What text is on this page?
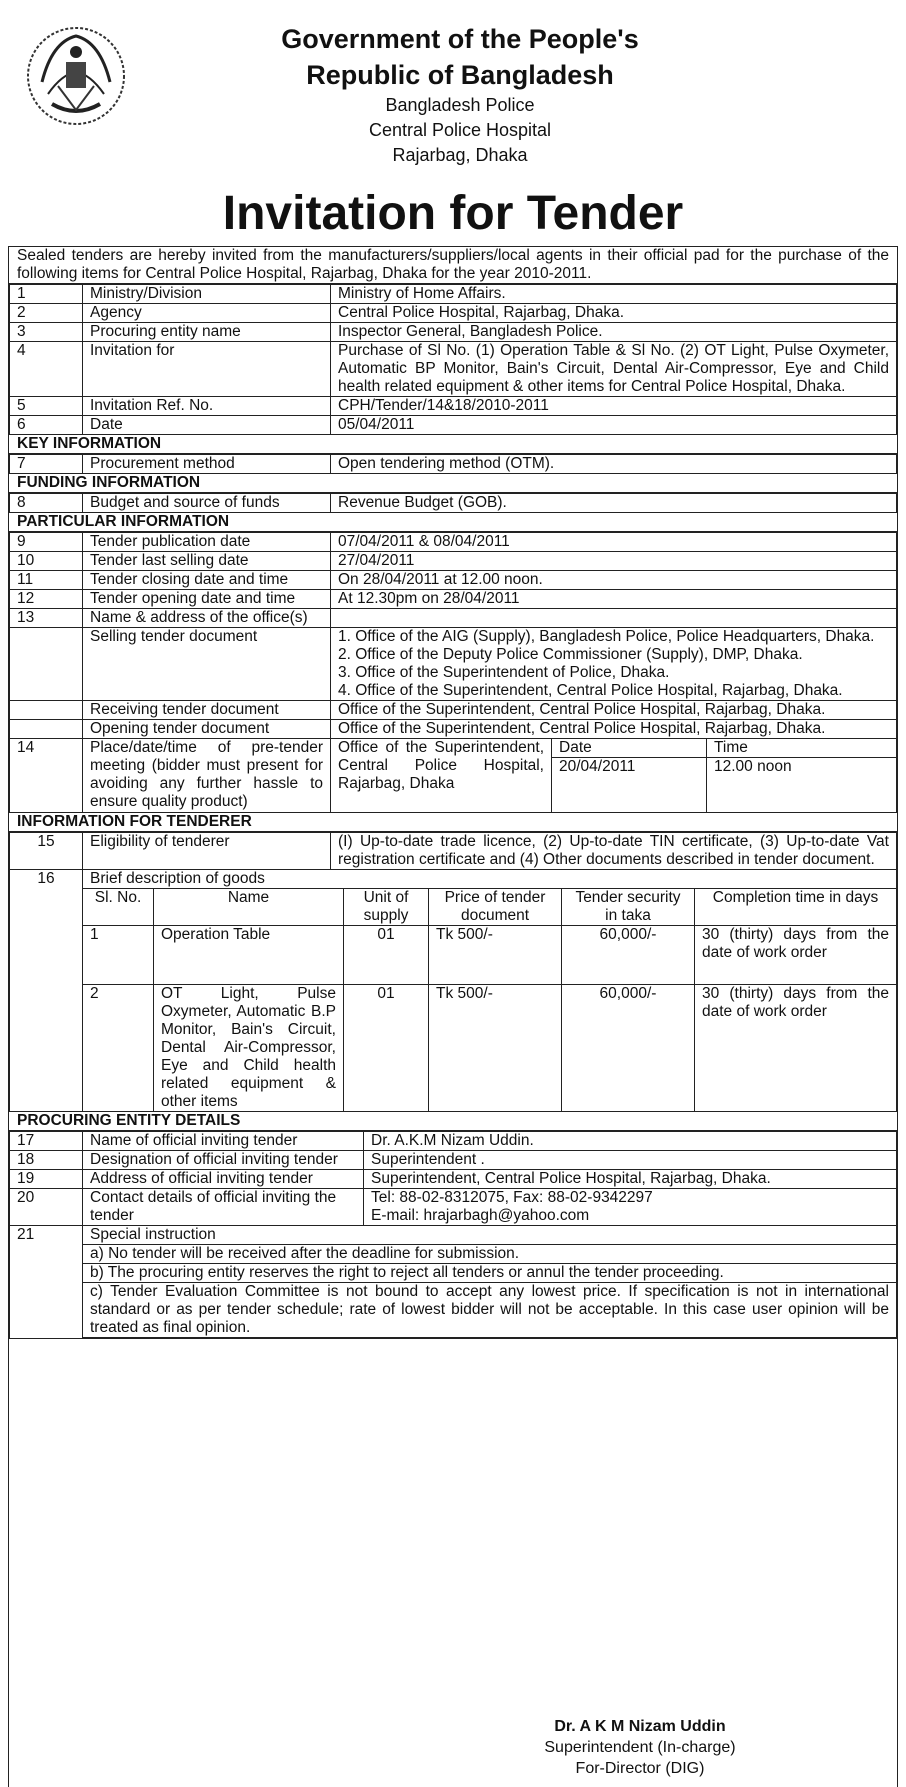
Government of the People's
Republic of Bangladesh
Bangladesh Police
Central Police Hospital
Rajarbag, Dhaka
Invitation for Tender
Sealed tenders are hereby invited from the manufacturers/suppliers/local agents in their official pad for the purchase of the following items for Central Police Hospital, Rajarbag, Dhaka for the year 2010-2011.
1	Ministry/Division	Ministry of Home Affairs.
2	Agency	Central Police Hospital, Rajarbag, Dhaka.
3	Procuring entity name	Inspector General, Bangladesh Police.
4	Invitation for	Purchase of Sl No. (1) Operation Table & Sl No. (2) OT Light, Pulse Oxymeter, Automatic BP Monitor, Bain's Circuit, Dental Air-Compressor, Eye and Child health related equipment & other items for Central Police Hospital, Dhaka.
5	Invitation Ref. No.	CPH/Tender/14&18/2010-2011
6	Date	05/04/2011
KEY INFORMATION
7	Procurement method	Open tendering method (OTM).
FUNDING INFORMATION
8	Budget and source of funds	Revenue Budget (GOB).
PARTICULAR INFORMATION
9	Tender publication date	07/04/2011 & 08/04/2011
10	Tender last selling date	27/04/2011
11	Tender closing date and time	On 28/04/2011 at 12.00 noon.
12	Tender opening date and time	At 12.30pm on 28/04/2011
13	Name & address of the office(s)	
	Selling tender document	1. Office of the AIG (Supply), Bangladesh Police, Police Headquarters, Dhaka.
2. Office of the Deputy Police Commissioner (Supply), DMP, Dhaka.
3. Office of the Superintendent of Police, Dhaka.
4. Office of the Superintendent, Central Police Hospital, Rajarbag, Dhaka.

	Receiving tender document	Office of the Superintendent, Central Police Hospital, Rajarbag, Dhaka.
	Opening tender document	Office of the Superintendent, Central Police Hospital, Rajarbag, Dhaka.
14	Place/date/time of pre-tender meeting (bidder must present for avoiding any further hassle to ensure quality product)	
Office of the Superintendent, Central Police Hospital, Rajarbag, Dhaka	Date	Time
20/04/2011	12.00 noon
INFORMATION FOR TENDERER
15	Eligibility of tenderer	(I) Up-to-date trade licence, (2) Up-to-date TIN certificate, (3) Up-to-date Vat registration certificate and (4) Other documents described in tender document.
16	Brief description of goods
Sl. No.	Name	Unit of supply	Price of tender document	Tender security in taka	Completion time in days
1	Operation Table	01	Tk 500/-	60,000/-	30 (thirty) days from the date of work order
2	OT Light, Pulse Oxymeter, Automatic B.P Monitor, Bain's Circuit, Dental Air-Compressor, Eye and Child health related equipment & other items	01	Tk 500/-	60,000/-	30 (thirty) days from the date of work order
PROCURING ENTITY DETAILS
17	Name of official inviting tender	Dr. A.K.M Nizam Uddin.
18	Designation of official inviting tender	Superintendent .
19	Address of official inviting tender	Superintendent, Central Police Hospital, Rajarbag, Dhaka.
20	Contact details of official inviting the tender	Tel: 88-02-8312075, Fax: 88-02-9342297
E-mail: hrajarbagh@yahoo.com

21	Special instruction
a) No tender will be received after the deadline for submission.
b) The procuring entity reserves the right to reject all tenders or annul the tender proceeding.
c) Tender Evaluation Committee is not bound to accept any lowest price. If specification is not in international standard or as per tender schedule; rate of lowest bidder will not be acceptable. In this case user opinion will be treated as final opinion.	
Dr. A K M Nizam Uddin
Superintendent (In-charge)
For-Director (DIG)
